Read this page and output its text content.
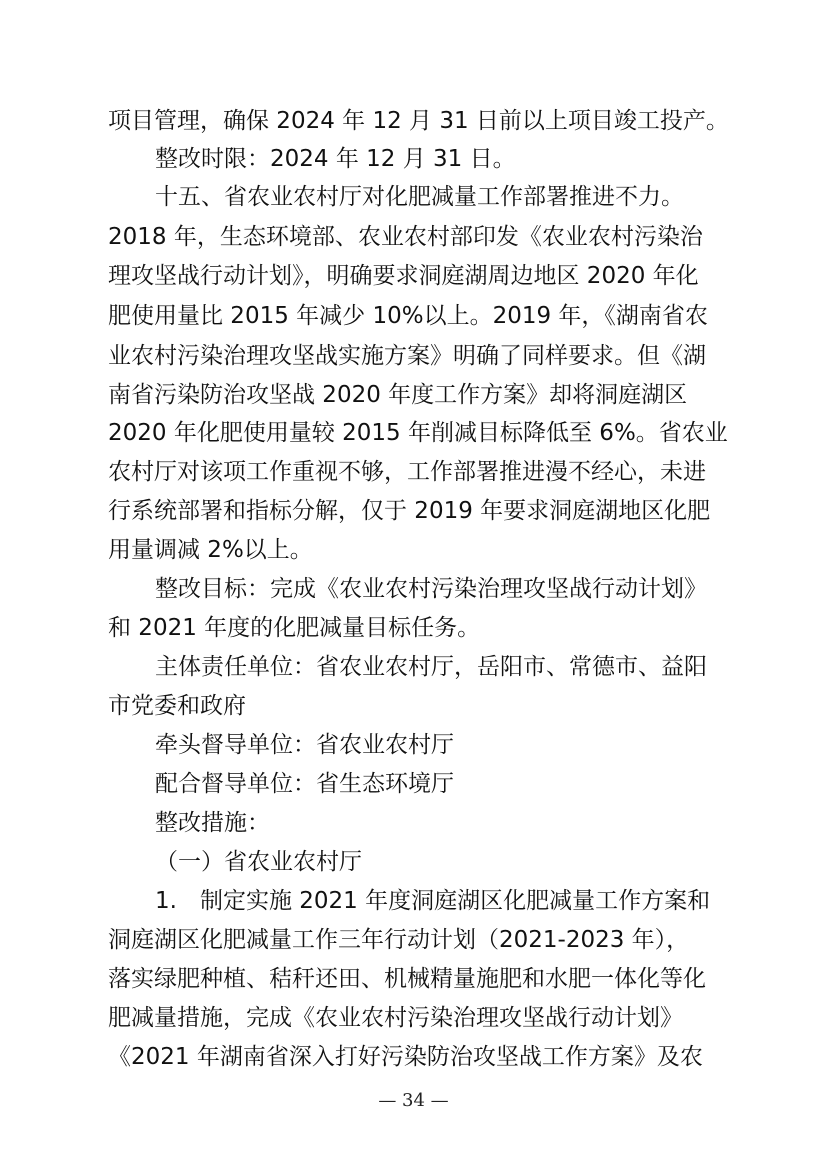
项目管理，确保 2024 年 12 月 31 日前以上项目竣工投产。
整改时限：2024 年 12 月 31 日。
十五、省农业农村厅对化肥减量工作部署推进不力。
2018 年，生态环境部、农业农村部印发《农业农村污染治
理攻坚战行动计划》，明确要求洞庭湖周边地区 2020 年化
肥使用量比 2015 年减少 10%以上。2019 年，《湖南省农
业农村污染治理攻坚战实施方案》明确了同样要求。但《湖
南省污染防治攻坚战 2020 年度工作方案》却将洞庭湖区
2020 年化肥使用量较 2015 年削减目标降低至 6%。省农业
农村厅对该项工作重视不够，工作部署推进漫不经心，未进
行系统部署和指标分解，仅于 2019 年要求洞庭湖地区化肥
用量调减 2%以上。
整改目标：完成《农业农村污染治理攻坚战行动计划》
和 2021 年度的化肥减量目标任务。
主体责任单位：省农业农村厅，岳阳市、常德市、益阳
市党委和政府
牵头督导单位：省农业农村厅
配合督导单位：省生态环境厅
整改措施：
（一）省农业农村厅
1.　制定实施 2021 年度洞庭湖区化肥减量工作方案和
洞庭湖区化肥减量工作三年行动计划（2021-2023 年），
落实绿肥种植、秸秆还田、机械精量施肥和水肥一体化等化
肥减量措施，完成《农业农村污染治理攻坚战行动计划》
《2021 年湖南省深入打好污染防治攻坚战工作方案》及农
— 34 —
